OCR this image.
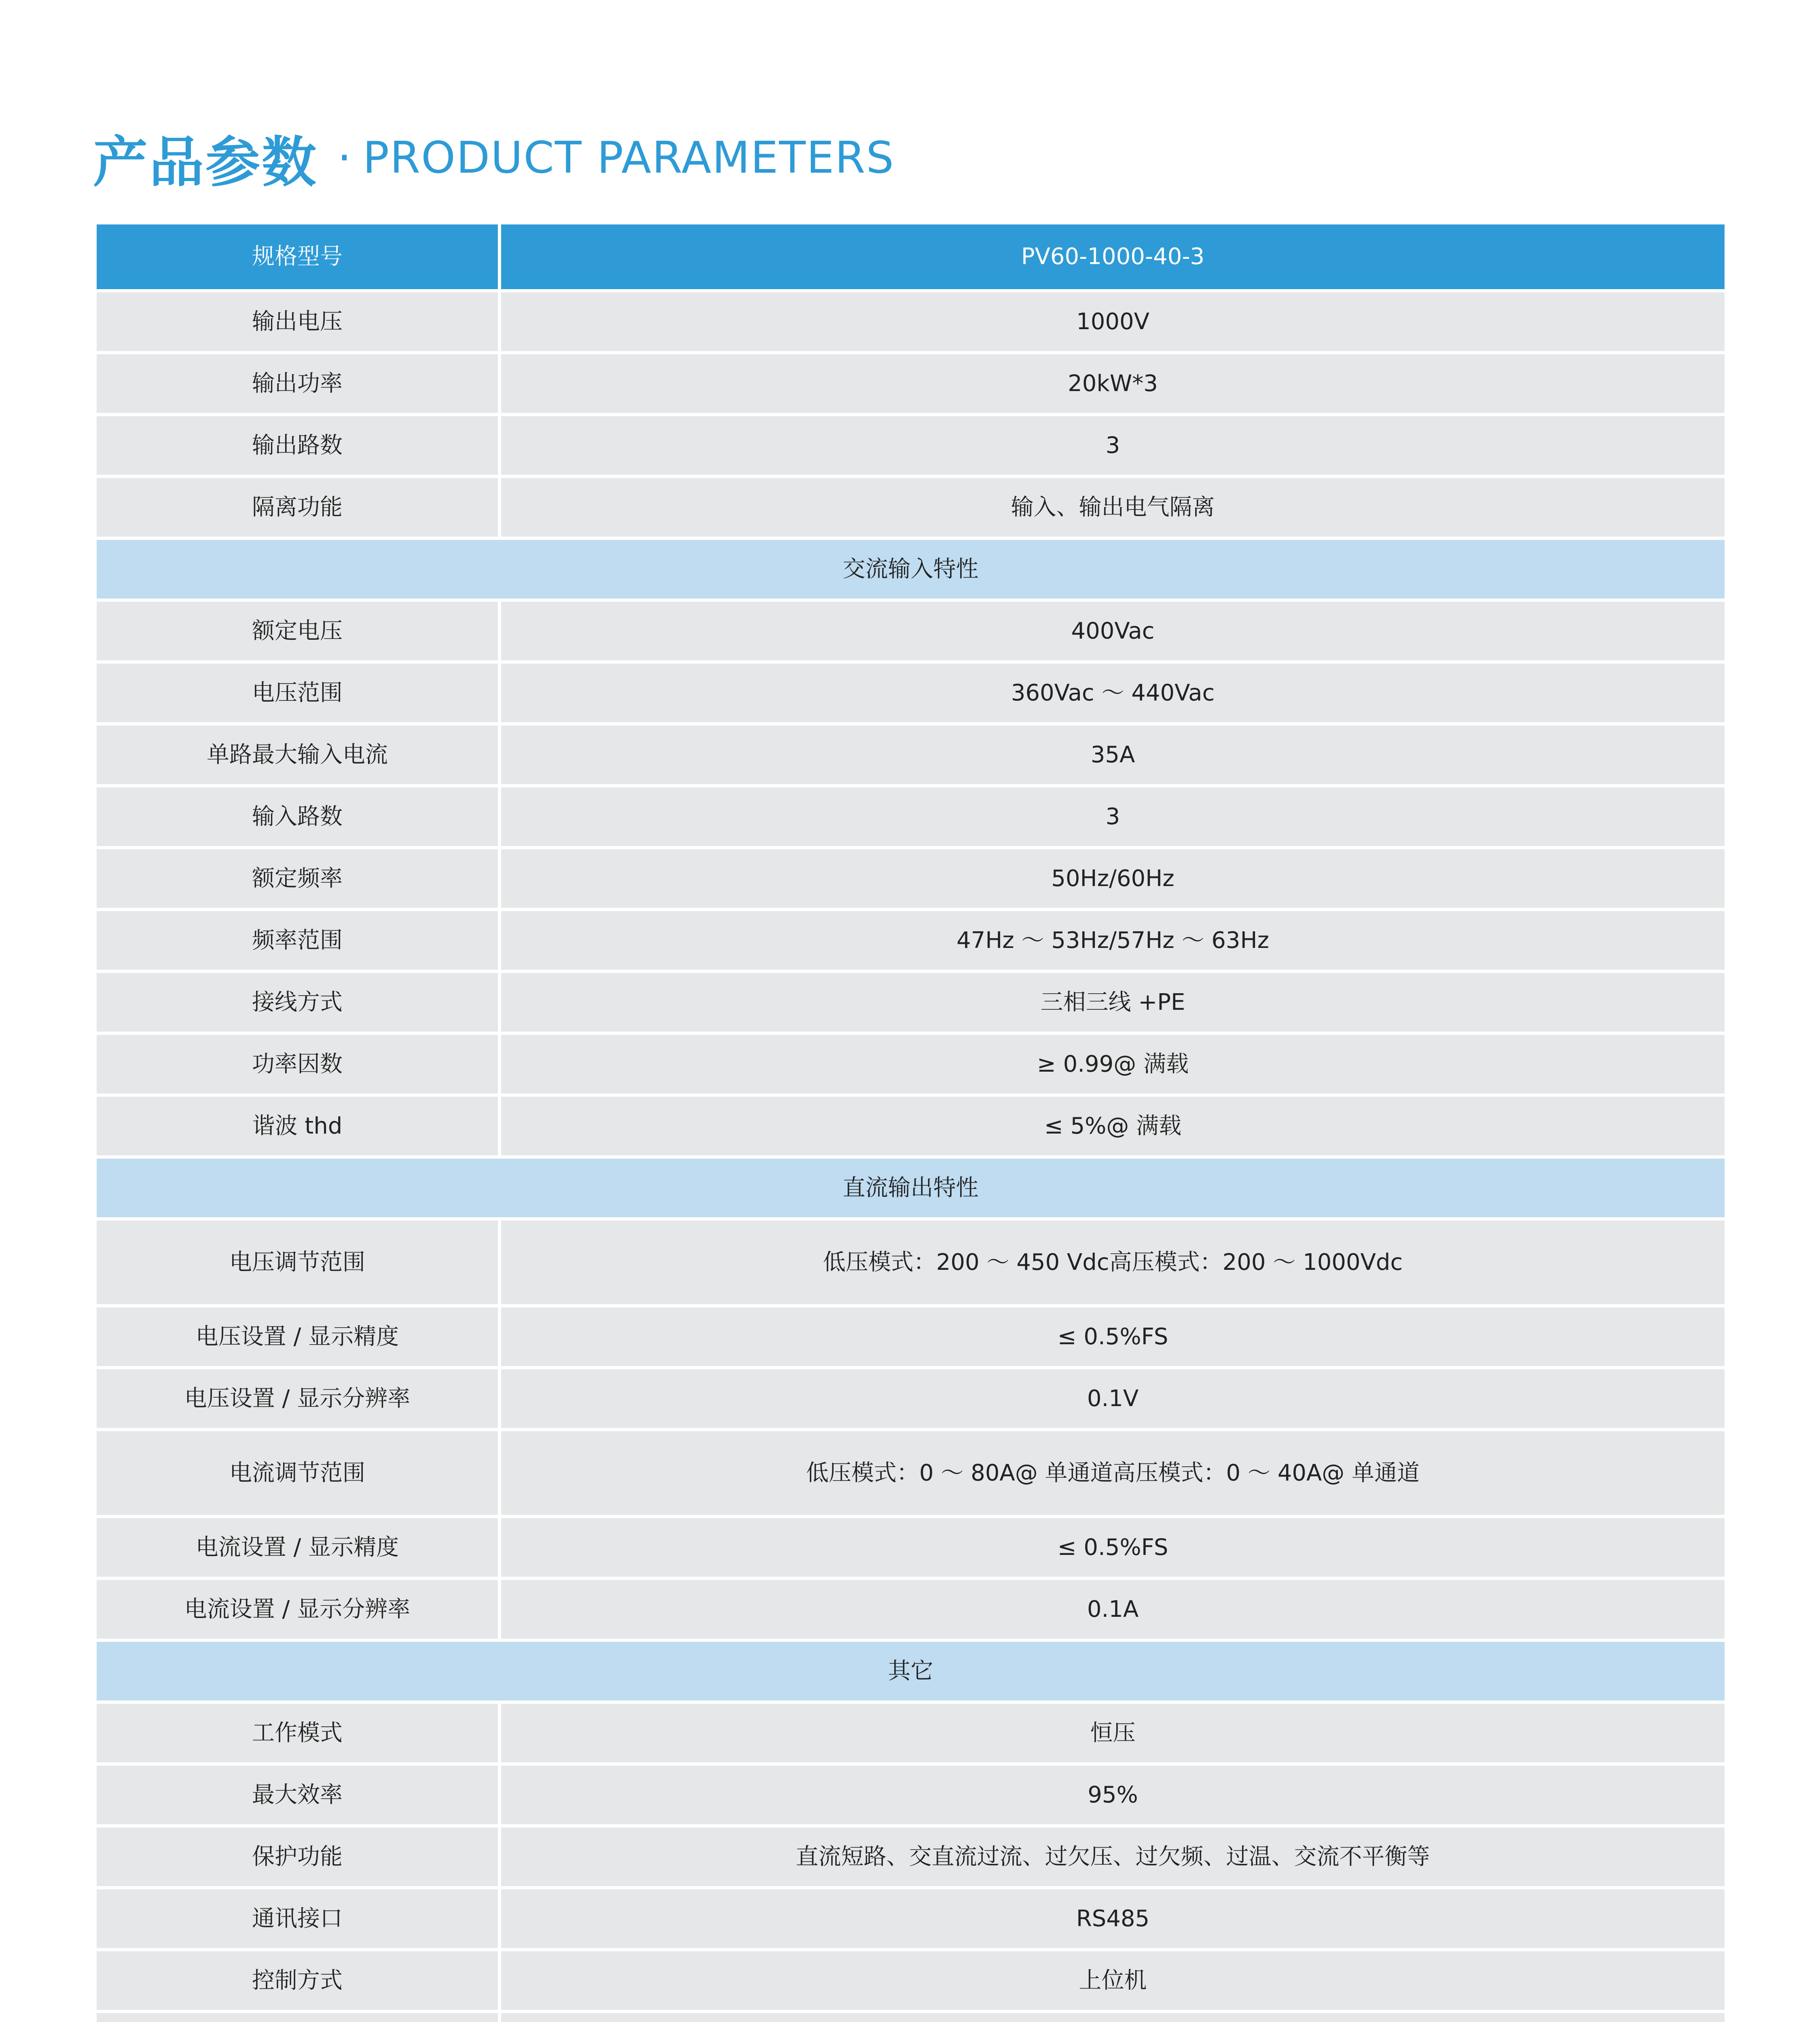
产品参数 · PRODUCT PARAMETERS
规格型号	PV60-1000-40-3
输出电压	1000V
输出功率	20kW*3
输出路数	3
隔离功能	输入、输出电气隔离
交流输入特性
额定电压	400Vac
电压范围	360Vac ～ 440Vac
单路最大输入电流	35A
输入路数	3
额定频率	50Hz/60Hz
频率范围	47Hz ～ 53Hz/57Hz ～ 63Hz
接线方式	三相三线 +PE
功率因数	≥ 0.99@ 满载
谐波 thd	≤ 5%@ 满载
直流输出特性
电压调节范围	低压模式：200 ～ 450 Vdc 高压模式：200 ～ 1000Vdc
电压设置 / 显示精度	≤ 0.5%FS
电压设置 / 显示分辨率	0.1V
电流调节范围	低压模式：0 ～ 80A@ 单通道 高压模式：0 ～ 40A@ 单通道
电流设置 / 显示精度	≤ 0.5%FS
电流设置 / 显示分辨率	0.1A
其它
工作模式	恒压
最大效率	95%
保护功能	直流短路、交直流过流、过欠压、过欠频、过温、交流不平衡等
通讯接口	RS485
控制方式	上位机
